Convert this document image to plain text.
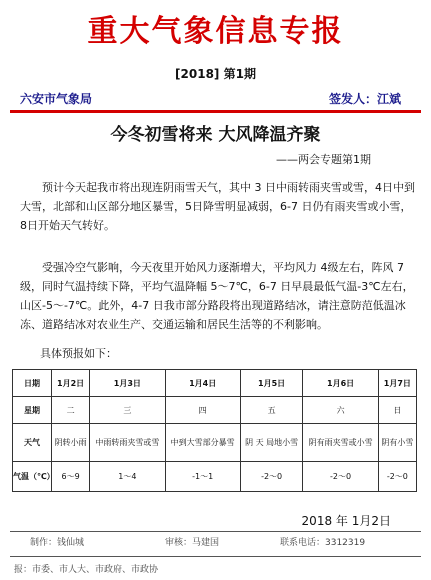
重大气象信息专报
[2018] 第1期
六安市气象局	签发人：江斌
今冬初雪将来 大风降温齐聚
——两会专题第1期
预计今天起我市将出现连阴雨雪天气，其中 3 日中雨转雨夹雪或雪，4日中到大雪，北部和山区部分地区暴雪，5日降雪明显减弱，6-7 日仍有雨夹雪或小雪，8日开始天气转好。
受强冷空气影响，今天夜里开始风力逐渐增大，平均风力 4级左右，阵风 7 级，同时气温持续下降，平均气温降幅 5～7℃，6-7 日早晨最低气温-3℃左右，山区-5～-7℃。此外，4-7 日我市部分路段将出现道路结冰，请注意防范低温冰冻、道路结冰对农业生产、交通运输和居民生活等的不利影响。
具体预报如下：
日期	1月2日	1月3日	1月4日	1月5日	1月6日	1月7日
星期	二	三	四	五	六	日
天气	阴转小雨	中雨转雨夹雪或雪	中到大雪部分暴雪	阴 天 局地小雪	阴有雨夹雪或小雪	阴有小雪
气温（℃）	6～9	1～4	-1～1	-2～0	-2～0	-2～0
2018 年 1月2日
制作：钱仙城	审核：马建国	联系电话：3312319
报：市委、市人大、市政府、市政协
